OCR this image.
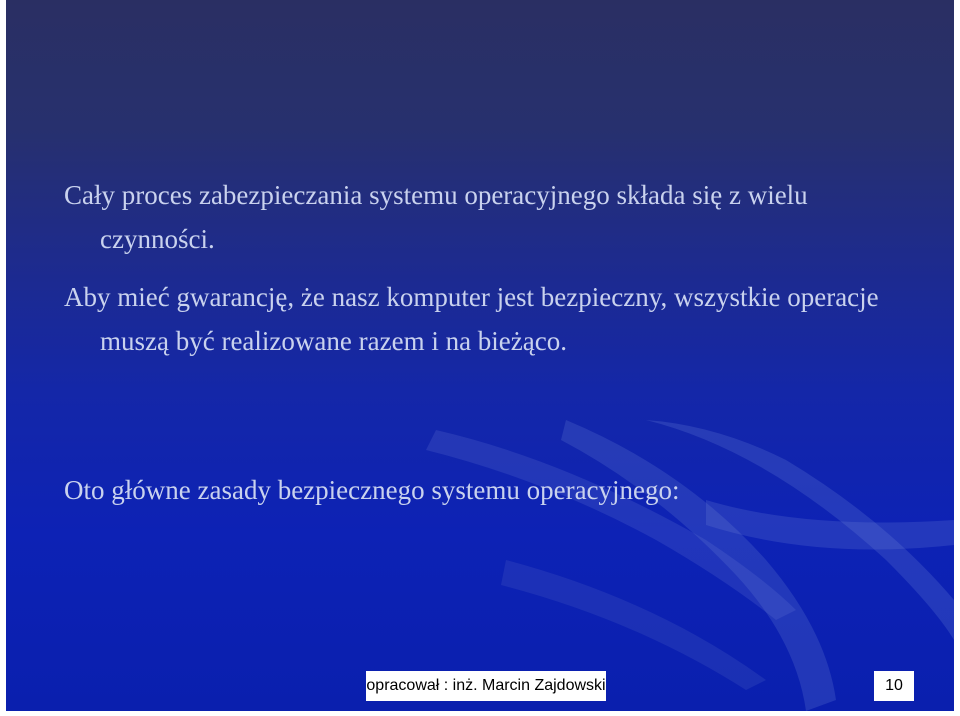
Cały proces zabezpieczania systemu operacyjnego składa się z wielu czynności.

Aby mieć gwarancję, że nasz komputer jest bezpieczny, wszystkie operacje muszą być realizowane razem i na bieżąco.

Oto główne zasady bezpiecznego systemu operacyjnego:

opracował : inż. Marcin Zajdowski	10
